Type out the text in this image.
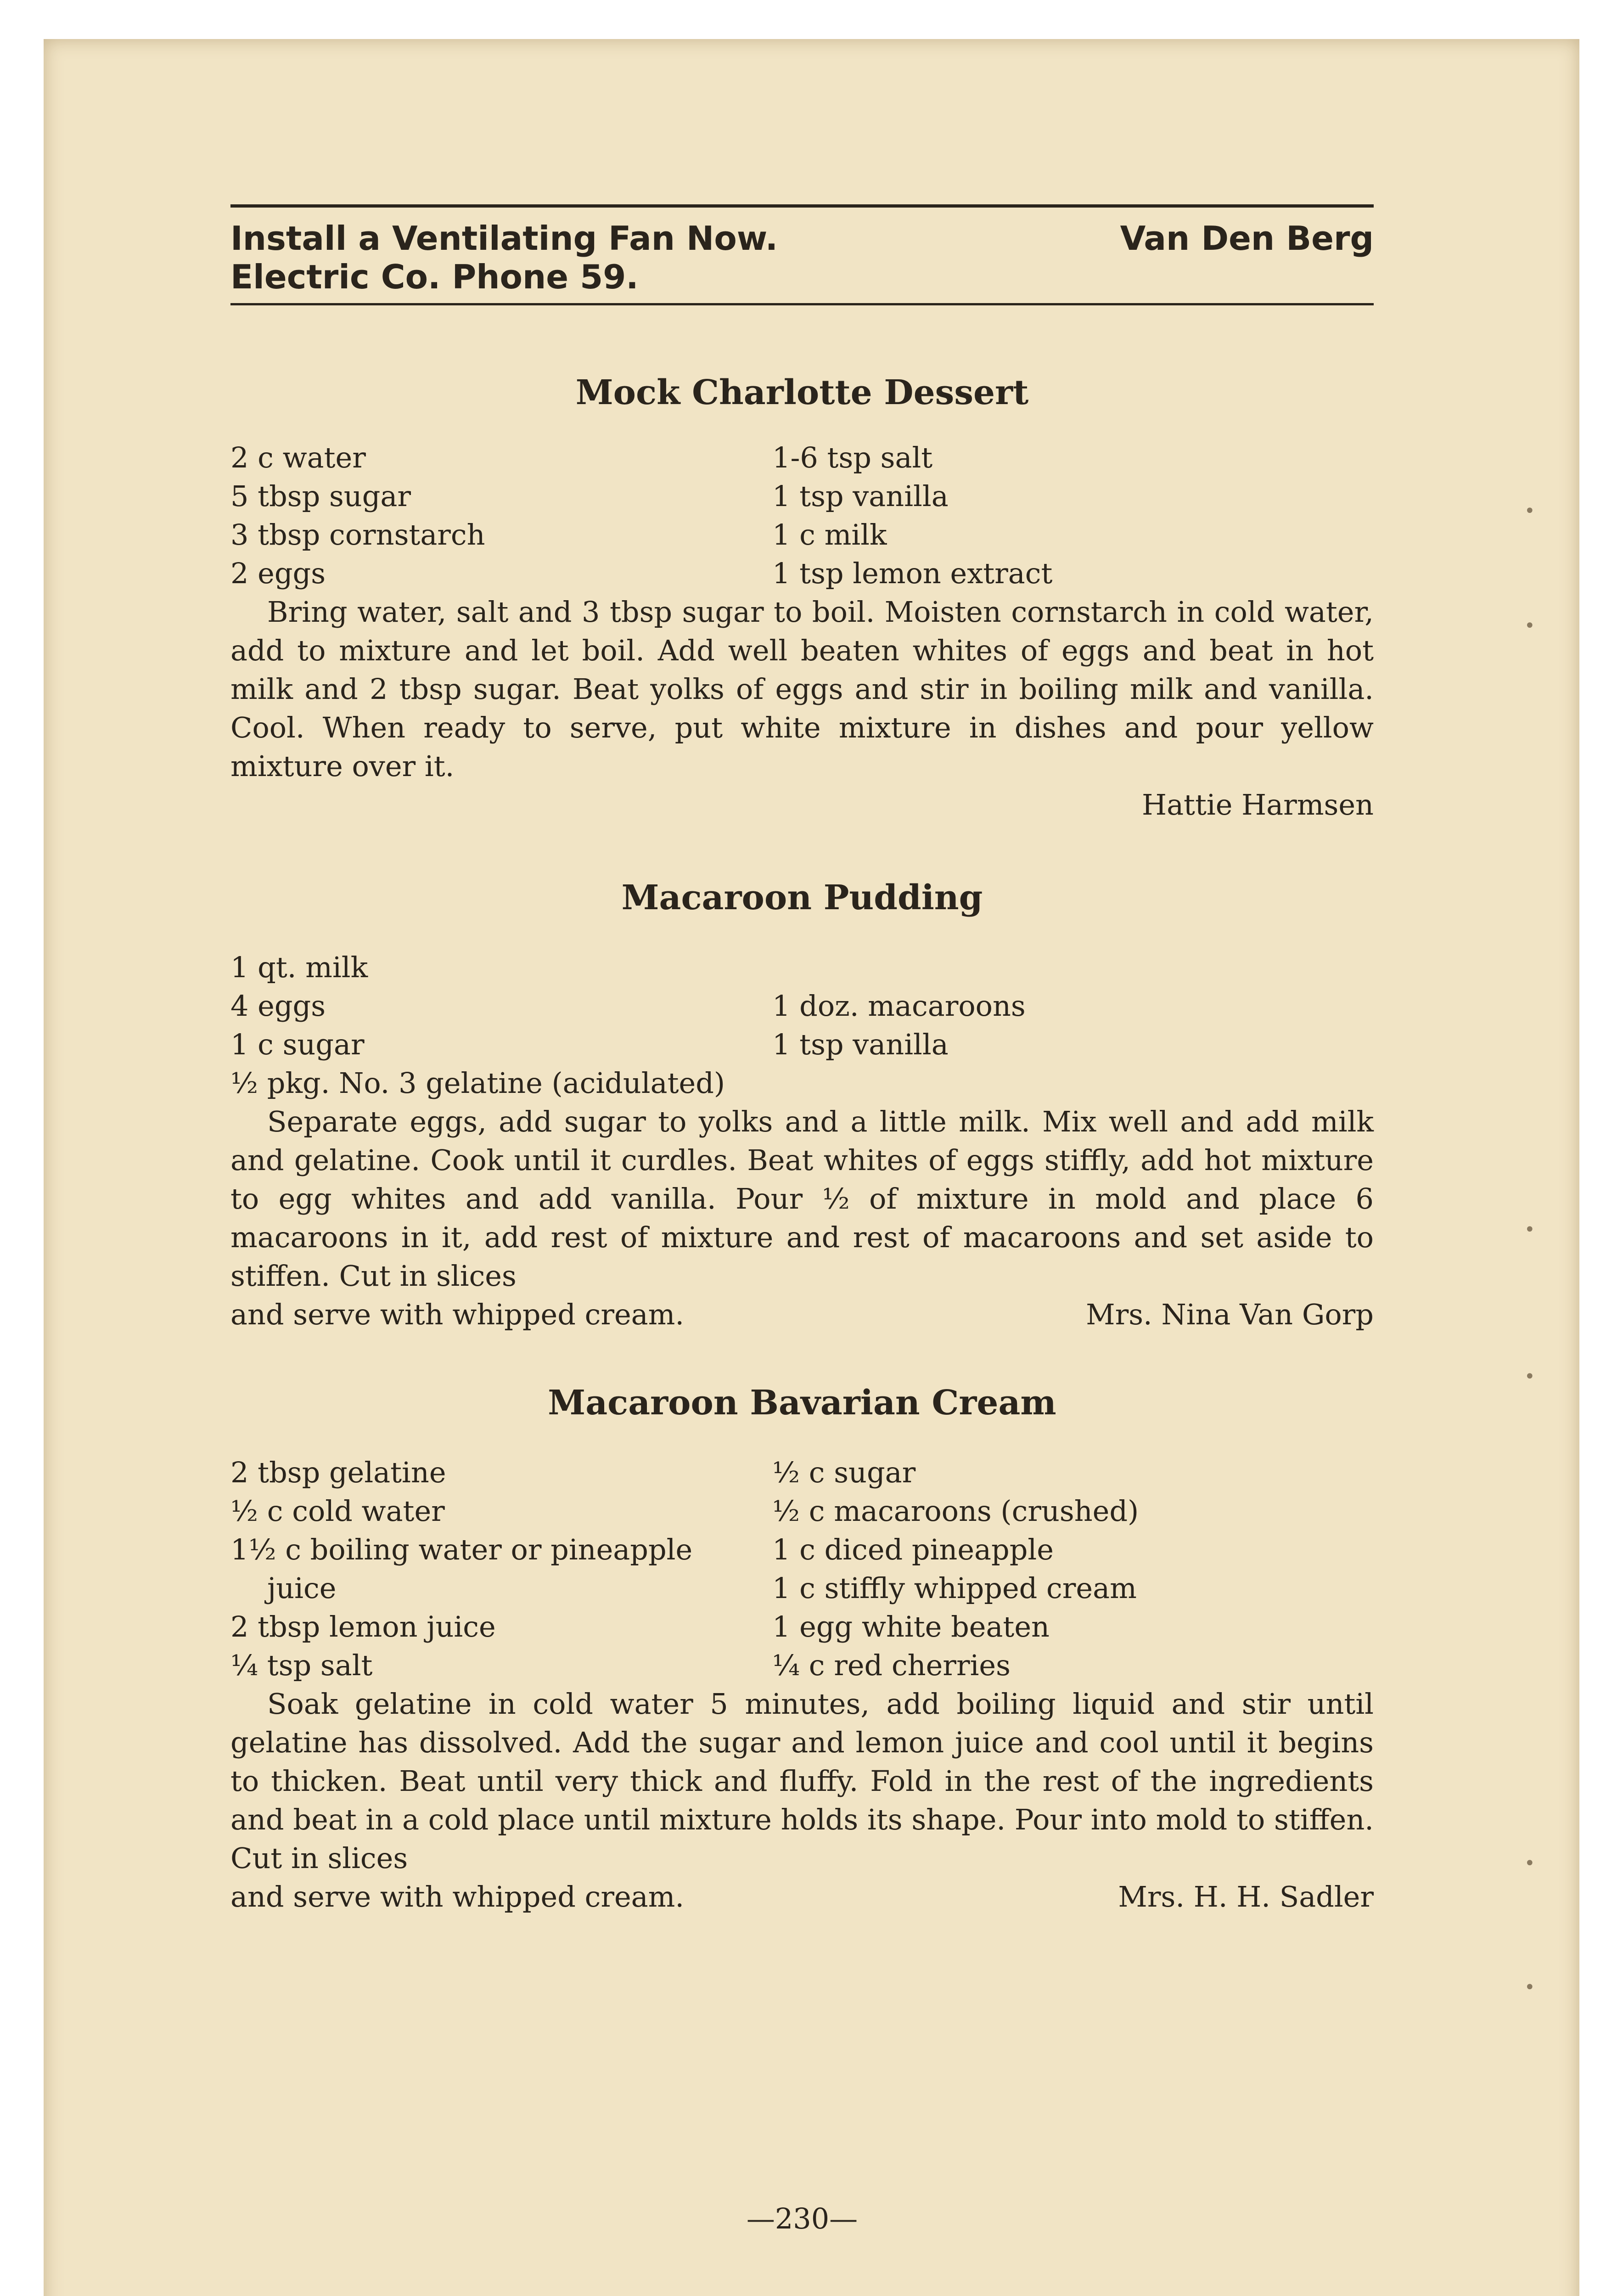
•
•
•
•
•
•
Install a Ventilating Fan Now.	Van Den Berg
Electric Co. Phone 59.
Mock Charlotte Dessert
2 c water	1-6 tsp salt
5 tbsp sugar	1 tsp vanilla
3 tbsp cornstarch	1 c milk
2 eggs	1 tsp lemon extract

Bring water, salt and 3 tbsp sugar to boil. Moisten cornstarch in cold water, add to mixture and let boil. Add well beaten whites of eggs and beat in hot milk and 2 tbsp sugar. Beat yolks of eggs and stir in boiling milk and vanilla. Cool. When ready to serve, put white mixture in dishes and pour yellow mixture over it.

Hattie Harmsen
Macaroon Pudding
1 qt. milk
4 eggs	1 doz. macaroons
1 c sugar	1 tsp vanilla
½ pkg. No. 3 gelatine (acidulated)

Separate eggs, add sugar to yolks and a little milk. Mix well and add milk and gelatine. Cook until it curdles. Beat whites of eggs stiffly, add hot mixture to egg whites and add vanilla. Pour ½ of mixture in mold and place 6 macaroons in it, add rest of mixture and rest of macaroons and set aside to stiffen. Cut in slices

and serve with whipped cream.	Mrs. Nina Van Gorp
Macaroon Bavarian Cream
2 tbsp gelatine	½ c sugar
½ c cold water	½ c macaroons (crushed)
1½ c boiling water or pineapple	1 c diced pineapple
juice	1 c stiffly whipped cream
2 tbsp lemon juice	1 egg white beaten
¼ tsp salt	¼ c red cherries

Soak gelatine in cold water 5 minutes, add boiling liquid and stir until gelatine has dissolved. Add the sugar and lemon juice and cool until it begins to thicken. Beat until very thick and fluffy. Fold in the rest of the ingredients and beat in a cold place until mixture holds its shape. Pour into mold to stiffen. Cut in slices

and serve with whipped cream.	Mrs. H. H. Sadler
—230—
